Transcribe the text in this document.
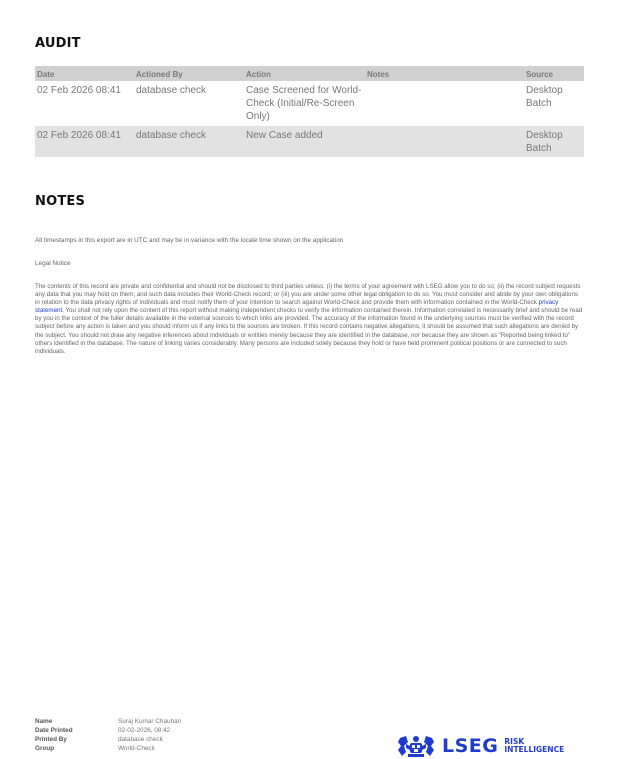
AUDIT
Date	Actioned By	Action	Notes	Source
02 Feb 2026 08:41	database check	Case Screened for World-Check (Initial/Re-Screen Only)		Desktop Batch
02 Feb 2026 08:41	database check	New Case added		Desktop Batch
NOTES
All timestamps in this export are in UTC and may be in variance with the locale time shown on the application
Legal Notice

The contents of this record are private and confidential and should not be disclosed to third parties unless: (i) the terms of your agreement with LSEG allow you to do so; (ii) the record subject requests any data that you may hold on them, and such data includes their World-Check record; or (iii) you are under some other legal obligation to do so. You must consider and abide by your own obligations in relation to the data privacy rights of individuals and must notify them of your intention to search against World-Check and provide them with information contained in the World-Check privacy statement. You shall not rely upon the content of this report without making independent checks to verify the information contained therein. Information correlated is necessarily brief and should be read by you in the context of the fuller details available in the external sources to which links are provided. The accuracy of the information found in the underlying sources must be verified with the record subject before any action is taken and you should inform us if any links to the sources are broken. If this record contains negative allegations, it should be assumed that such allegations are denied by the subject. You should not draw any negative inferences about individuals or entities merely because they are identified in the database, nor because they are shown as "Reported being linked to" others identified in the database. The nature of linking varies considerably. Many persons are included solely because they hold or have held prominent political positions or are connected to such individuals.

Name	Suraj Kumar Chauhan
Date Printed	02-02-2026, 08:42
Printed By	database check
Group	World-Check	LSEG RISK
INTELLIGENCE
